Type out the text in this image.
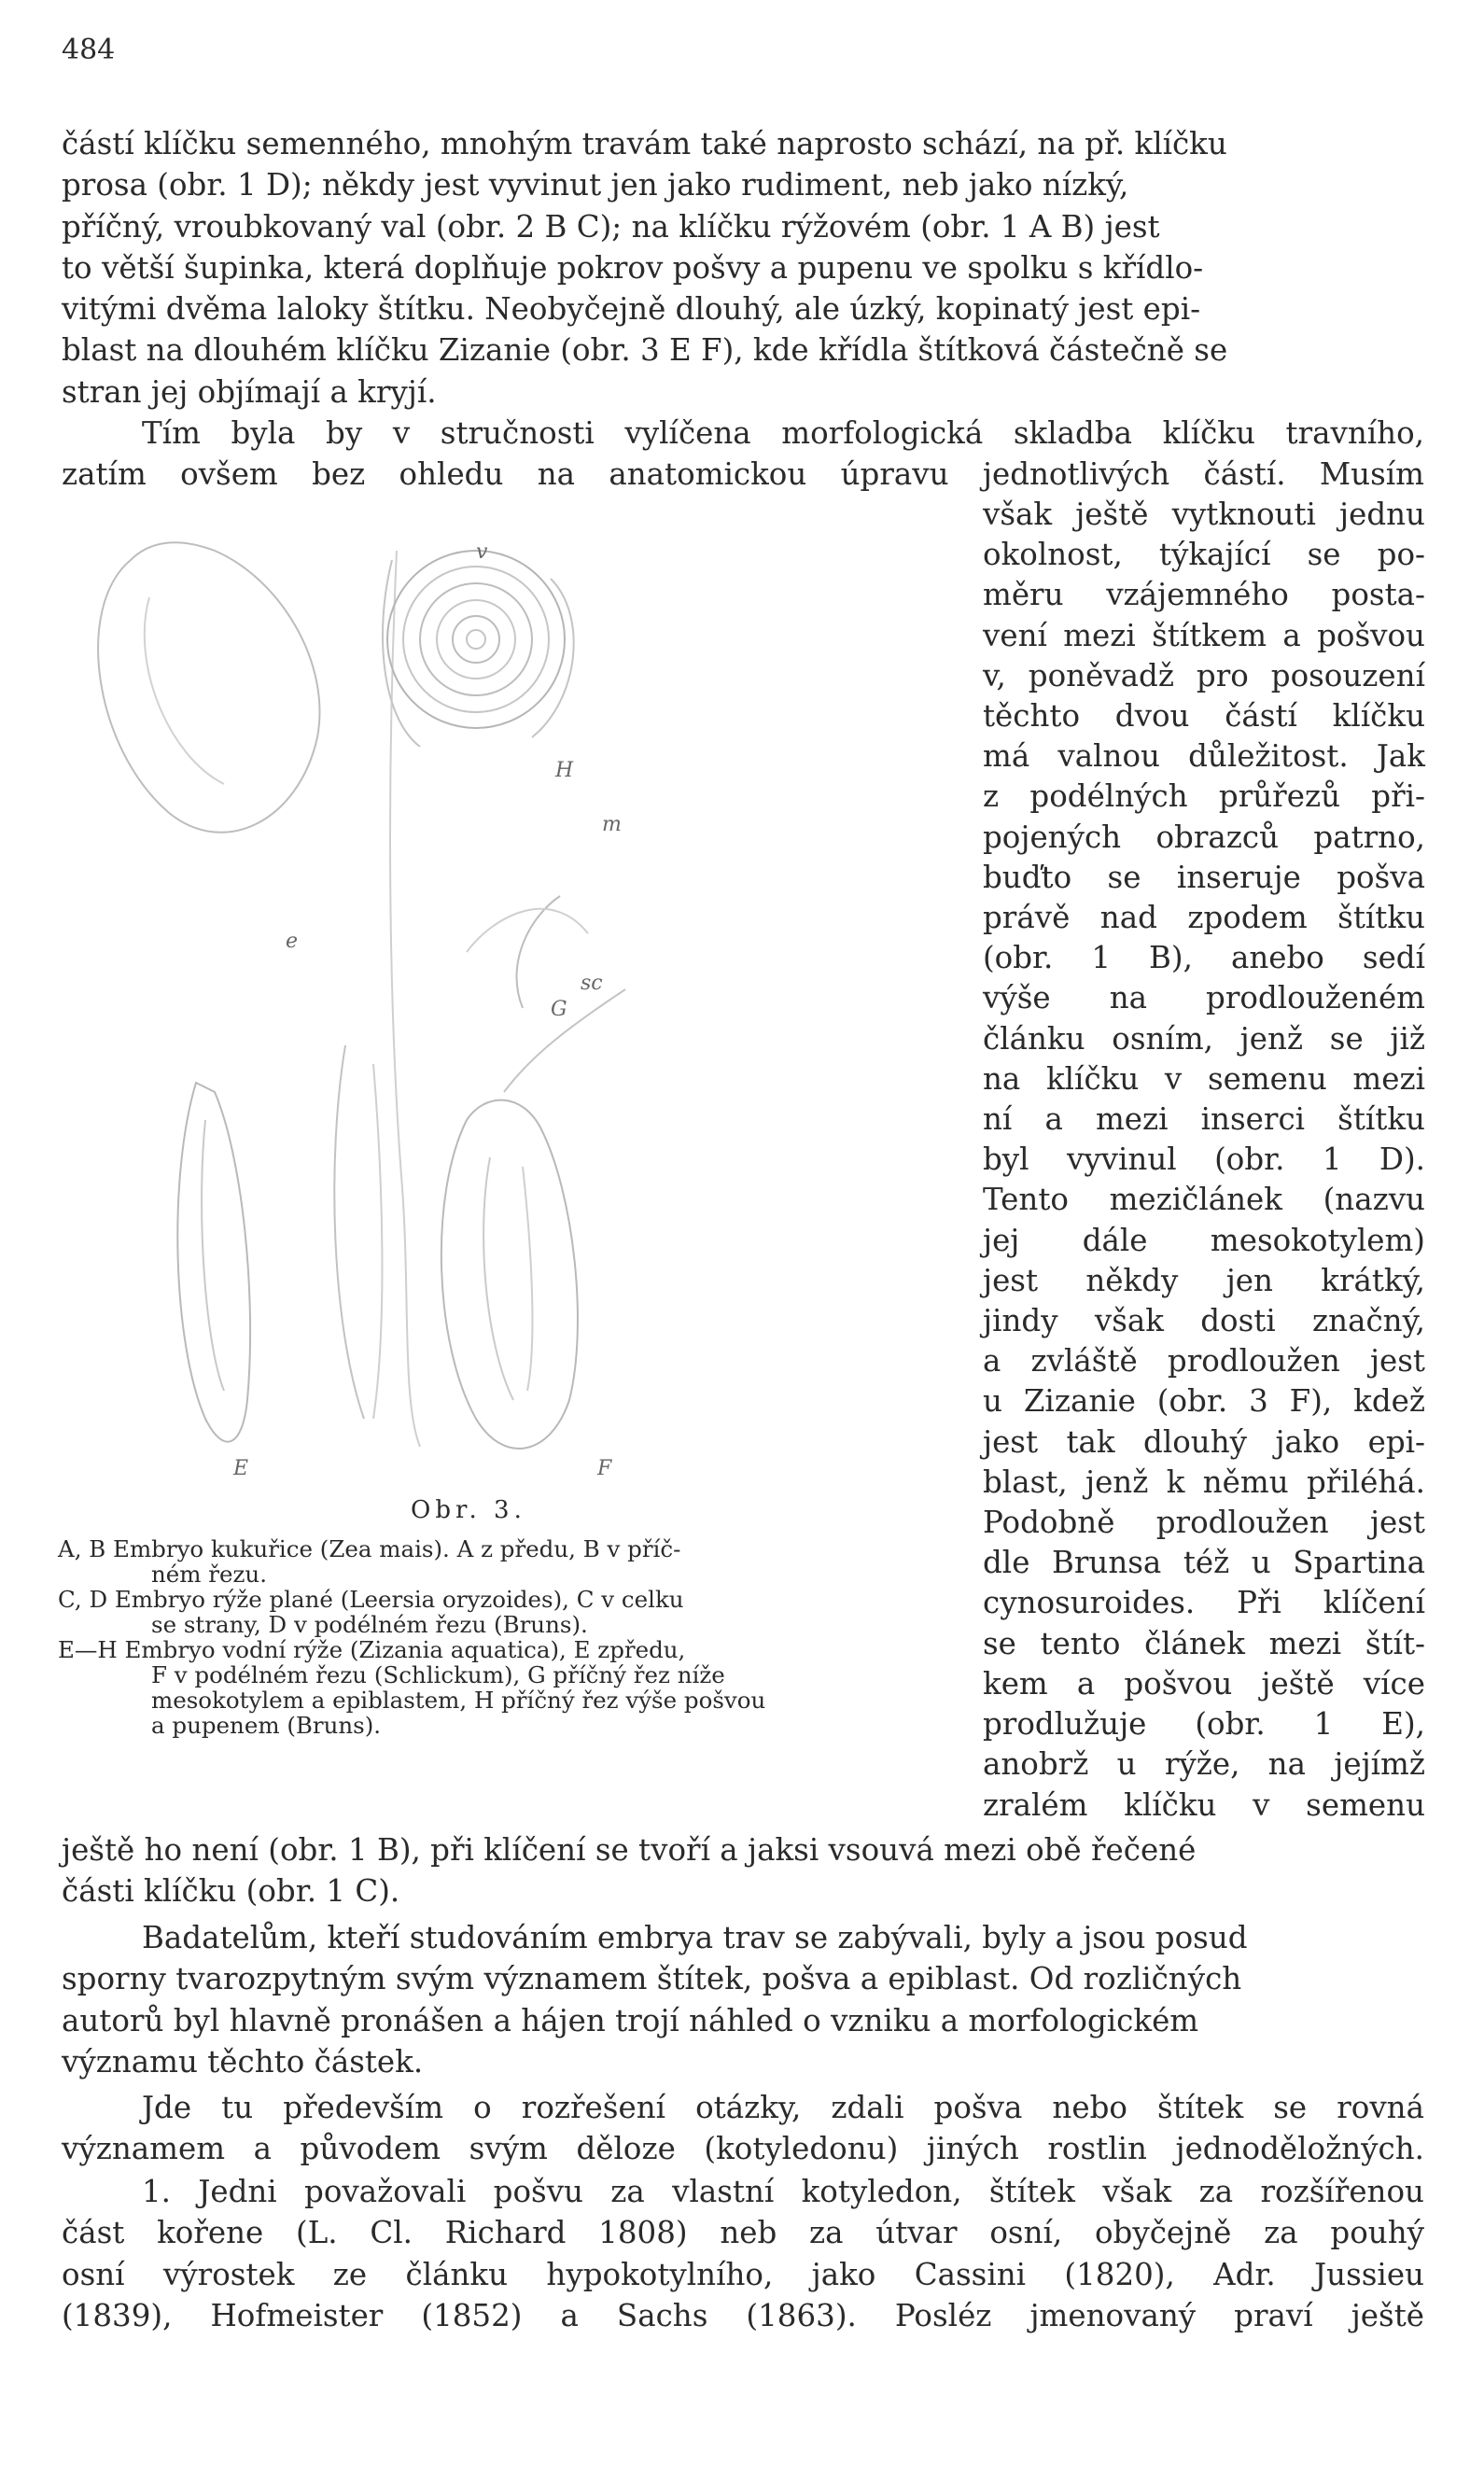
484
částí klíčku semenného, mnohým travám také naprosto schází, na př. klíčku
prosa (obr. 1 D); někdy jest vyvinut jen jako rudiment, neb jako nízký,
příčný, vroubkovaný val (obr. 2 B C); na klíčku rýžovém (obr. 1 A B) jest
to větší šupinka, která doplňuje pokrov pošvy a pupenu ve spolku s křídlo-
vitými dvěma laloky štítku. Neobyčejně dlouhý, ale úzký, kopinatý jest epi-
blast na dlouhém klíčku Zizanie (obr. 3 E F), kde křídla štítková částečně se
stran jej objímají a kryjí.
Tím byla by v stručnosti vylíčena morfologická skladba klíčku travního,
zatím ovšem bez ohledu na anatomickou úpravu jednotlivých částí. Musím
však ještě vytknouti jednu
okolnost, týkající se po-
měru vzájemného posta-
vení mezi štítkem a pošvou
v, poněvadž pro posouzení
těchto dvou částí klíčku
má valnou důležitost. Jak
z podélných průřezů při-
pojených obrazců patrno,
buďto se inseruje pošva
právě nad zpodem štítku
(obr. 1 B), anebo sedí
výše na prodlouženém
článku osním, jenž se již
na klíčku v semenu mezi
ní a mezi inserci štítku
byl vyvinul (obr. 1 D).
Tento mezičlánek (nazvu
jej dále mesokotylem)
jest někdy jen krátký,
jindy však dosti značný,
a zvláště prodloužen jest
u Zizanie (obr. 3 F), kdež
jest tak dlouhý jako epi-
blast, jenž k němu přiléhá.
Podobně prodloužen jest
dle Brunsa též u Spartina
cynosuroides. Při klíčení
se tento článek mezi štít-
kem a pošvou ještě více
prodlužuje (obr. 1 E),
anobrž u rýže, na jejímž
zralém klíčku v semenu
v
H
m
e
sc
G
F
E
Obr. 3.
A, B Embryo kukuřice (Zea mais). A z předu, B v příč-
ném řezu.
C, D Embryo rýže plané (Leersia oryzoides), C v celku
se strany, D v podélném řezu (Bruns).
E—H Embryo vodní rýže (Zizania aquatica), E zpředu,
F v podélném řezu (Schlickum), G příčný řez níže
mesokotylem a epiblastem, H příčný řez výše pošvou
a pupenem (Bruns).
ještě ho není (obr. 1 B), při klíčení se tvoří a jaksi vsouvá mezi obě řečené
části klíčku (obr. 1 C).
Badatelům, kteří studováním embrya trav se zabývali, byly a jsou posud
sporny tvarozpytným svým významem štítek, pošva a epiblast. Od rozličných
autorů byl hlavně pronášen a hájen trojí náhled o vzniku a morfologickém
významu těchto částek.
Jde tu především o rozřešení otázky, zdali pošva nebo štítek se rovná
významem a původem svým děloze (kotyledonu) jiných rostlin jednoděložných.
1. Jedni považovali pošvu za vlastní kotyledon, štítek však za rozšířenou
část kořene (L. Cl. Richard 1808) neb za útvar osní, obyčejně za pouhý
osní výrostek ze článku hypokotylního, jako Cassini (1820), Adr. Jussieu
(1839), Hofmeister (1852) a Sachs (1863). Posléz jmenovaný praví ještě
